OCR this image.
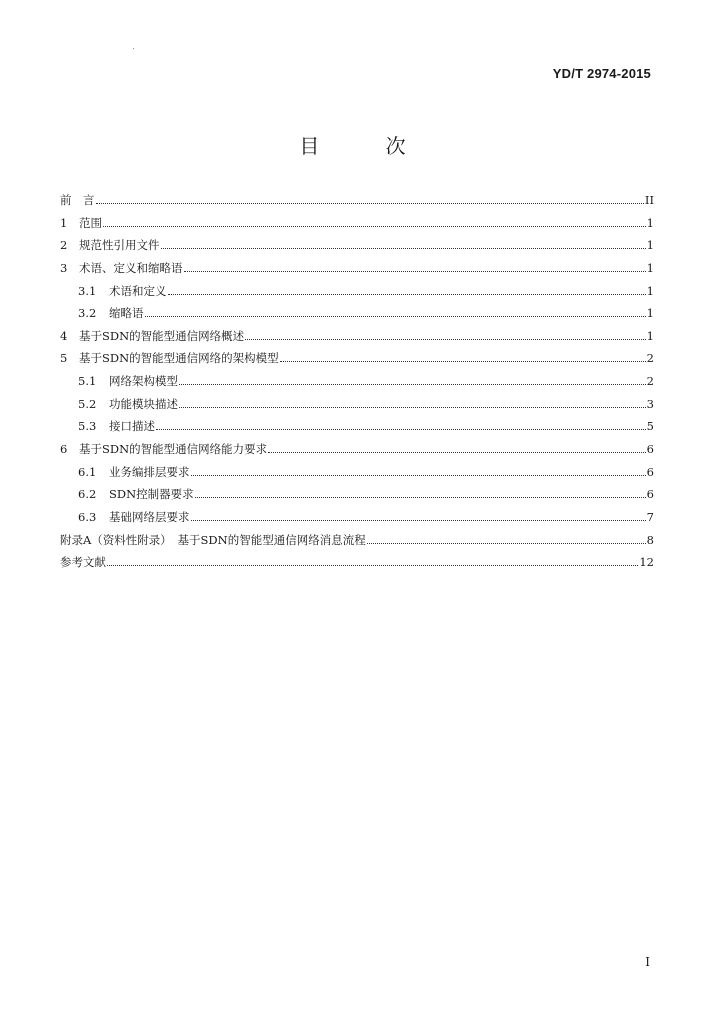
YD/T 2974-2015
目 次
前　言	II
1	范围	1
2	规范性引用文件	1
3	术语、定义和缩略语	1
3.1	术语和定义	1
3.2	缩略语	1
4	基于SDN的智能型通信网络概述	1
5	基于SDN的智能型通信网络的架构模型	2
5.1	网络架构模型	2
5.2	功能模块描述	3
5.3	接口描述	5
6	基于SDN的智能型通信网络能力要求	6
6.1	业务编排层要求	6
6.2	SDN控制器要求	6
6.3	基础网络层要求	7
附录A（资料性附录）　基于SDN的智能型通信网络消息流程	8
参考文献	12
I
